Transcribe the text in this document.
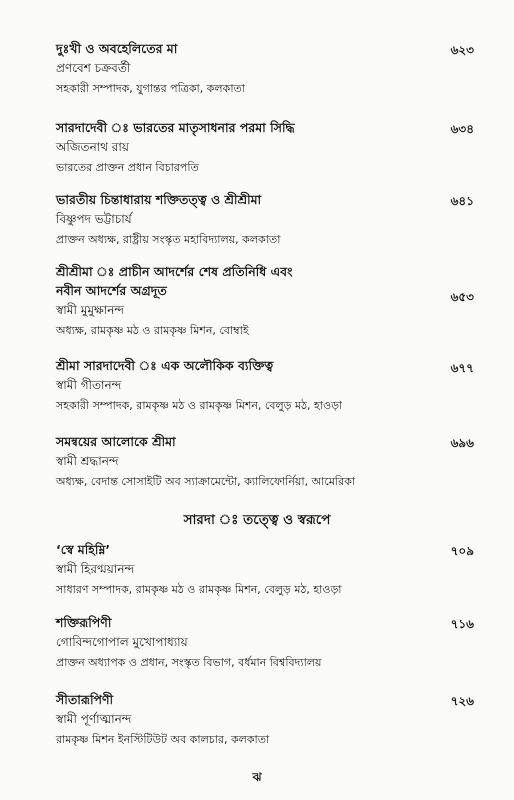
দুঃখী ও অবহেলিতের মা
প্রণবেশ চক্রবর্তী
সহকারী সম্পাদক, যুগান্তর পত্রিকা, কলকাতা
৬২৩
সারদাদেবী ঃ ভারতের মাতৃসাধনার পরমা সিদ্ধি
অজিতনাথ রায়
ভারতের প্রাক্তন প্রধান বিচারপতি
৬৩৪
ভারতীয় চিন্তাধারায় শক্তিতত্ত্ব ও শ্রীশ্রীমা
বিষ্ণুপদ ভট্টাচার্য
প্রাক্তন অধ্যক্ষ, রাষ্ট্রীয় সংস্কৃত মহাবিদ্যালয়, কলকাতা
৬৪১
শ্রীশ্রীমা ঃ প্রাচীন আদর্শের শেষ প্রতিনিধি এবং
নবীন আদর্শের অগ্রদূত
স্বামী মুমুক্ষানন্দ
অধ্যক্ষ, রামকৃষ্ণ মঠ ও রামকৃষ্ণ মিশন, বোম্বাই
৬৫৩
শ্রীমা সারদাদেবী ঃ এক অলৌকিক ব্যক্তিত্ব
স্বামী গীতানন্দ
সহকারী সম্পাদক, রামকৃষ্ণ মঠ ও রামকৃষ্ণ মিশন, বেলুড় মঠ, হাওড়া
৬৭৭
সমন্বয়ের আলোকে শ্রীমা
স্বামী শ্রদ্ধানন্দ
অধ্যক্ষ, বেদান্ত সোসাইটি অব স্যাক্রামেন্টো, ক্যালিফোর্নিয়া, আমেরিকা
৬৯৬
সারদা ঃ তত্ত্বে ও স্বরূপে
‘স্বে মহিম্নি’
স্বামী হিরণ্ময়ানন্দ
সাধারণ সম্পাদক, রামকৃষ্ণ মঠ ও রামকৃষ্ণ মিশন, বেলুড় মঠ, হাওড়া
৭০৯
শক্তিরূপিণী
গোবিন্দগোপাল মুখোপাধ্যায়
প্রাক্তন অধ্যাপক ও প্রধান, সংস্কৃত বিভাগ, বর্ধমান বিশ্ববিদ্যালয়
৭১৬
সীতারূপিণী
স্বামী পূর্ণাত্মানন্দ
রামকৃষ্ণ মিশন ইনস্টিটিউট অব কালচার, কলকাতা
৭২৬
ঝ
